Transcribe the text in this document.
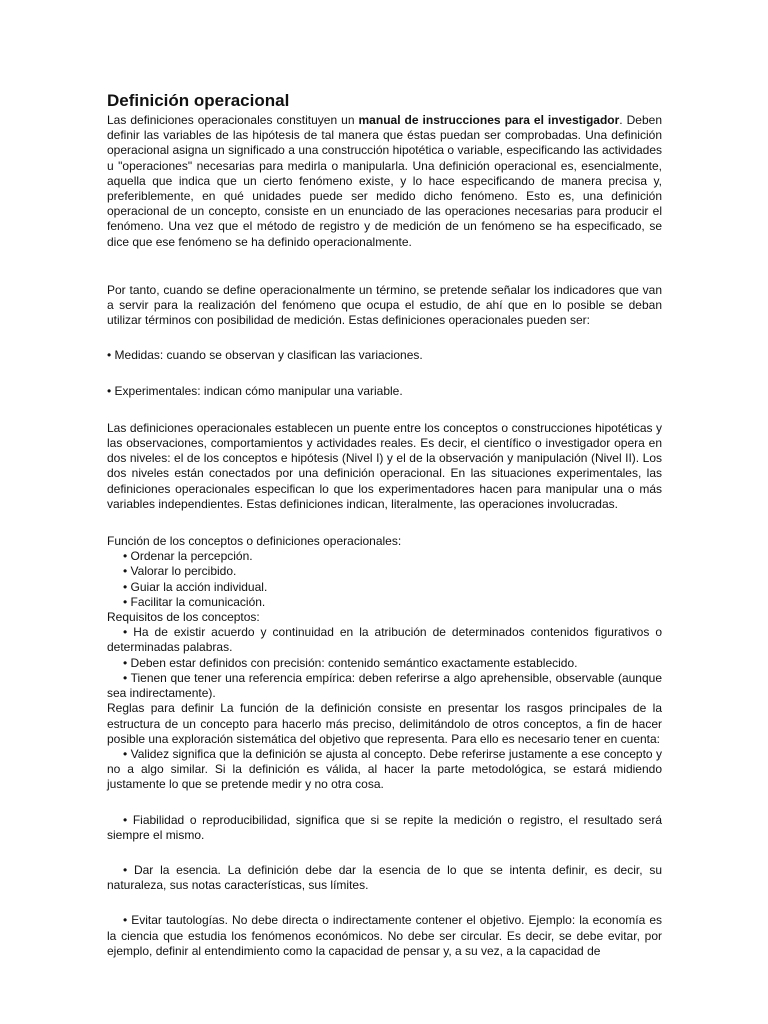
Definición operacional

Las definiciones operacionales constituyen un manual de instrucciones para el investigador. Deben definir las variables de las hipótesis de tal manera que éstas puedan ser comprobadas. Una definición operacional asigna un significado a una construcción hipotética o variable, especificando las actividades u "operaciones" necesarias para medirla o manipularla. Una definición operacional es, esencialmente, aquella que indica que un cierto fenómeno existe, y lo hace especificando de manera precisa y, preferiblemente, en qué unidades puede ser medido dicho fenómeno. Esto es, una definición operacional de un concepto, consiste en un enunciado de las operaciones necesarias para producir el fenómeno. Una vez que el método de registro y de medición de un fenómeno se ha especificado, se dice que ese fenómeno se ha definido operacionalmente.

Por tanto, cuando se define operacionalmente un término, se pretende señalar los indicadores que van a servir para la realización del fenómeno que ocupa el estudio, de ahí que en lo posible se deban utilizar términos con posibilidad de medición. Estas definiciones operacionales pueden ser:

• Medidas: cuando se observan y clasifican las variaciones.
• Experimentales: indican cómo manipular una variable.

Las definiciones operacionales establecen un puente entre los conceptos o construcciones hipotéticas y las observaciones, comportamientos y actividades reales. Es decir, el científico o investigador opera en dos niveles: el de los conceptos e hipótesis (Nivel I) y el de la observación y manipulación (Nivel II). Los dos niveles están conectados por una definición operacional. En las situaciones experimentales, las definiciones operacionales especifican lo que los experimentadores hacen para manipular una o más variables independientes. Estas definiciones indican, literalmente, las operaciones involucradas.

Función de los conceptos o definiciones operacionales:
• Ordenar la percepción.
• Valorar lo percibido.
• Guiar la acción individual.
• Facilitar la comunicación.
Requisitos de los conceptos:

• Ha de existir acuerdo y continuidad en la atribución de determinados contenidos figurativos o determinadas palabras.

• Deben estar definidos con precisión: contenido semántico exactamente establecido.

• Tienen que tener una referencia empírica: deben referirse a algo aprehensible, observable (aunque sea indirectamente).

Reglas para definir La función de la definición consiste en presentar los rasgos principales de la estructura de un concepto para hacerlo más preciso, delimitándolo de otros conceptos, a fin de hacer posible una exploración sistemática del objetivo que representa. Para ello es necesario tener en cuenta:

• Validez significa que la definición se ajusta al concepto. Debe referirse justamente a ese concepto y no a algo similar. Si la definición es válida, al hacer la parte metodológica, se estará midiendo justamente lo que se pretende medir y no otra cosa.

• Fiabilidad o reproducibilidad, significa que si se repite la medición o registro, el resultado será siempre el mismo.

• Dar la esencia. La definición debe dar la esencia de lo que se intenta definir, es decir, su naturaleza, sus notas características, sus límites.

• Evitar tautologías. No debe directa o indirectamente contener el objetivo. Ejemplo: la economía es la ciencia que estudia los fenómenos económicos. No debe ser circular. Es decir, se debe evitar, por ejemplo, definir al entendimiento como la capacidad de pensar y, a su vez, a la capacidad de
